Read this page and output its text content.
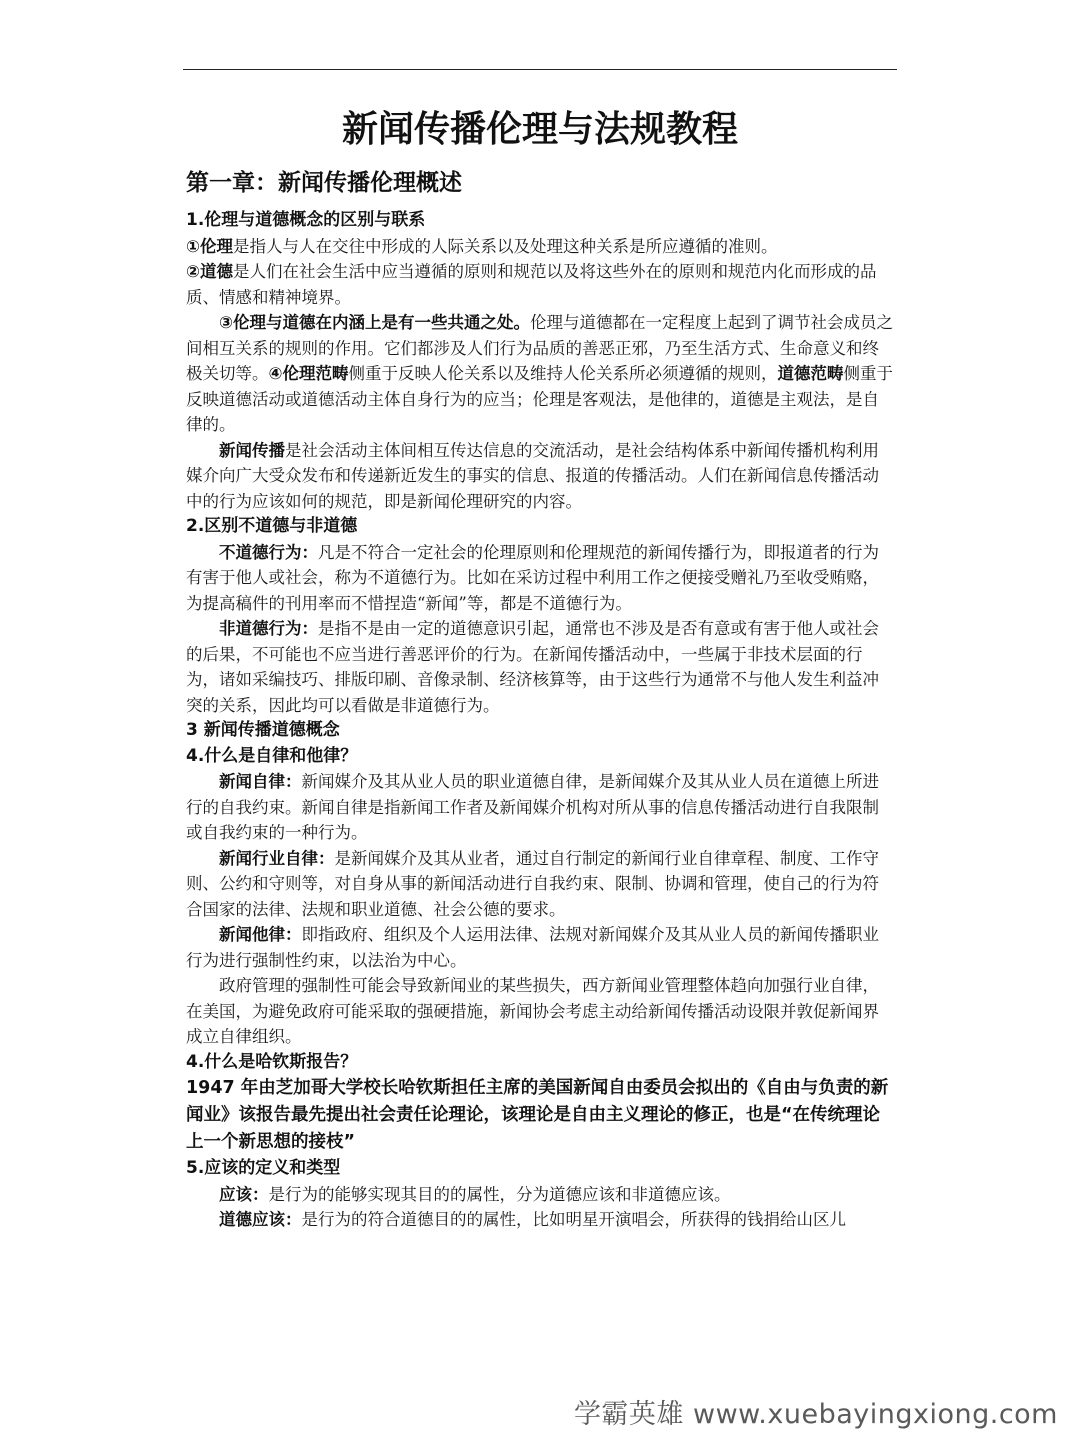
新闻传播伦理与法规教程
第一章：新闻传播伦理概述
1.伦理与道德概念的区别与联系

①伦理是指人与人在交往中形成的人际关系以及处理这种关系是所应遵循的准则。

②道德是人们在社会生活中应当遵循的原则和规范以及将这些外在的原则和规范内化而形成的品质、情感和精神境界。

③伦理与道德在内涵上是有一些共通之处。伦理与道德都在一定程度上起到了调节社会成员之间相互关系的规则的作用。它们都涉及人们行为品质的善恶正邪，乃至生活方式、生命意义和终极关切等。④伦理范畴侧重于反映人伦关系以及维持人伦关系所必须遵循的规则，道德范畴侧重于反映道德活动或道德活动主体自身行为的应当；伦理是客观法，是他律的，道德是主观法，是自律的。

新闻传播是社会活动主体间相互传达信息的交流活动，是社会结构体系中新闻传播机构利用媒介向广大受众发布和传递新近发生的事实的信息、报道的传播活动。人们在新闻信息传播活动中的行为应该如何的规范，即是新闻伦理研究的内容。

2.区别不道德与非道德

不道德行为：凡是不符合一定社会的伦理原则和伦理规范的新闻传播行为，即报道者的行为有害于他人或社会，称为不道德行为。比如在采访过程中利用工作之便接受赠礼乃至收受贿赂，为提高稿件的刊用率而不惜捏造“新闻”等，都是不道德行为。

非道德行为：是指不是由一定的道德意识引起，通常也不涉及是否有意或有害于他人或社会的后果，不可能也不应当进行善恶评价的行为。在新闻传播活动中，一些属于非技术层面的行为，诸如采编技巧、排版印刷、音像录制、经济核算等，由于这些行为通常不与他人发生利益冲突的关系，因此均可以看做是非道德行为。

3 新闻传播道德概念
4.什么是自律和他律？

新闻自律：新闻媒介及其从业人员的职业道德自律，是新闻媒介及其从业人员在道德上所进行的自我约束。新闻自律是指新闻工作者及新闻媒介机构对所从事的信息传播活动进行自我限制或自我约束的一种行为。

新闻行业自律：是新闻媒介及其从业者，通过自行制定的新闻行业自律章程、制度、工作守则、公约和守则等，对自身从事的新闻活动进行自我约束、限制、协调和管理，使自己的行为符合国家的法律、法规和职业道德、社会公德的要求。

新闻他律：即指政府、组织及个人运用法律、法规对新闻媒介及其从业人员的新闻传播职业行为进行强制性约束，以法治为中心。

政府管理的强制性可能会导致新闻业的某些损失，西方新闻业管理整体趋向加强行业自律，在美国，为避免政府可能采取的强硬措施，新闻协会考虑主动给新闻传播活动设限并敦促新闻界成立自律组织。

4.什么是哈钦斯报告？

1947 年由芝加哥大学校长哈钦斯担任主席的美国新闻自由委员会拟出的《自由与负责的新闻业》该报告最先提出社会责任论理论，该理论是自由主义理论的修正，也是“在传统理论上一个新思想的接枝”

5.应该的定义和类型

应该：是行为的能够实现其目的的属性，分为道德应该和非道德应该。

道德应该：是行为的符合道德目的的属性，比如明星开演唱会，所获得的钱捐给山区儿

学霸英雄 www.xuebayingxiong.com
